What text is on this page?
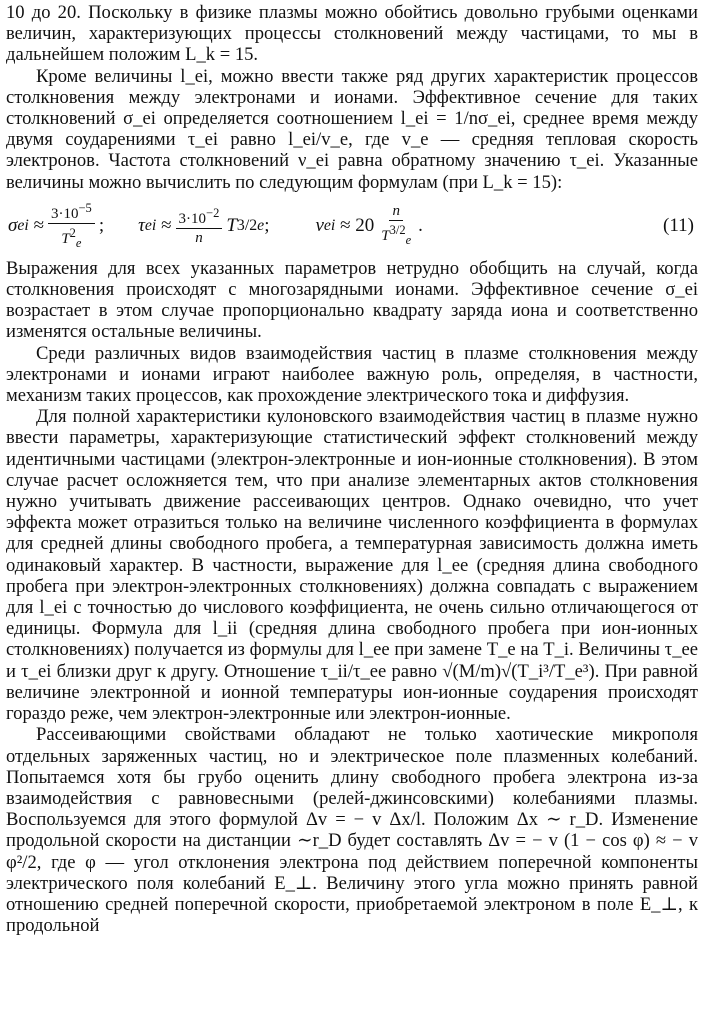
10 до 20. Поскольку в физике плазмы можно обойтись довольно грубыми оценками величин, характеризующих процессы столкновений между частицами, то мы в дальнейшем положим L_k = 15.

Кроме величины l_ei, можно ввести также ряд других характеристик процессов столкновения между электронами и ионами. Эффективное сечение для таких столкновений σ_ei определяется соотношением l_ei = 1/nσ_ei, среднее время между двумя соударениями τ_ei равно l_ei/v_e, где v_e — средняя тепловая скорость электронов. Частота столкновений ν_ei равна обратному значению τ_ei. Указанные величины можно вычислить по следующим формулам (при L_k = 15):

σ ei
≈ $\frac{3\cdot 10^{-5}}{T^2_e}$ ; τ ei
≈ $\frac{3\cdot 10^{-2}}{n}$ T 3/2 e ; ν ei
≈
$20 \frac{n}{T^{3/2}_e}$ .	(11)

Выражения для всех указанных параметров нетрудно обобщить на случай, когда столкновения происходят с многозарядными ионами. Эффективное сечение σ_ei возрастает в этом случае пропорционально квадрату заряда иона и соответственно изменятся остальные величины.

Среди различных видов взаимодействия частиц в плазме столкновения между электронами и ионами играют наиболее важную роль, определяя, в частности, механизм таких процессов, как прохождение электрического тока и диффузия.

Для полной характеристики кулоновского взаимодействия частиц в плазме нужно ввести параметры, характеризующие статистический эффект столкновений между идентичными частицами (электрон-электронные и ион-ионные столкновения). В этом случае расчет осложняется тем, что при анализе элементарных актов столкновения нужно учитывать движение рассеивающих центров. Однако очевидно, что учет эффекта может отразиться только на величине численного коэффициента в формулах для средней длины свободного пробега, а температурная зависимость должна иметь одинаковый характер. В частности, выражение для l_ee (средняя длина свободного пробега при электрон-электронных столкновениях) должна совпадать с выражением для l_ei с точностью до числового коэффициента, не очень сильно отличающегося от единицы. Формула для l_ii (средняя длина свободного пробега при ион-ионных столкновениях) получается из формулы для l_ee при замене T_e на T_i. Величины τ_ee и τ_ei близки друг к другу. Отношение τ_ii/τ_ee равно √(M/m)√(T_i³/T_e³). При равной величине электронной и ионной температуры ион-ионные соударения происходят гораздо реже, чем электрон-электронные или электрон-ионные.

Рассеивающими свойствами обладают не только хаотические микрополя отдельных заряженных частиц, но и электрическое поле плазменных колебаний. Попытаемся хотя бы грубо оценить длину свободного пробега электрона из-за взаимодействия с равновесными (релей-джинсовскими) колебаниями плазмы. Воспользуемся для этого формулой Δv = − v Δx/l. Положим Δx ∼ r_D. Изменение продольной скорости на дистанции ∼r_D будет составлять Δv = − v (1 − cos φ) ≈ − v φ²/2, где φ — угол отклонения электрона под действием поперечной компоненты электрического поля колебаний E_⊥. Величину этого угла можно принять равной отношению средней поперечной скорости, приобретаемой электроном в поле E_⊥, к продольной
